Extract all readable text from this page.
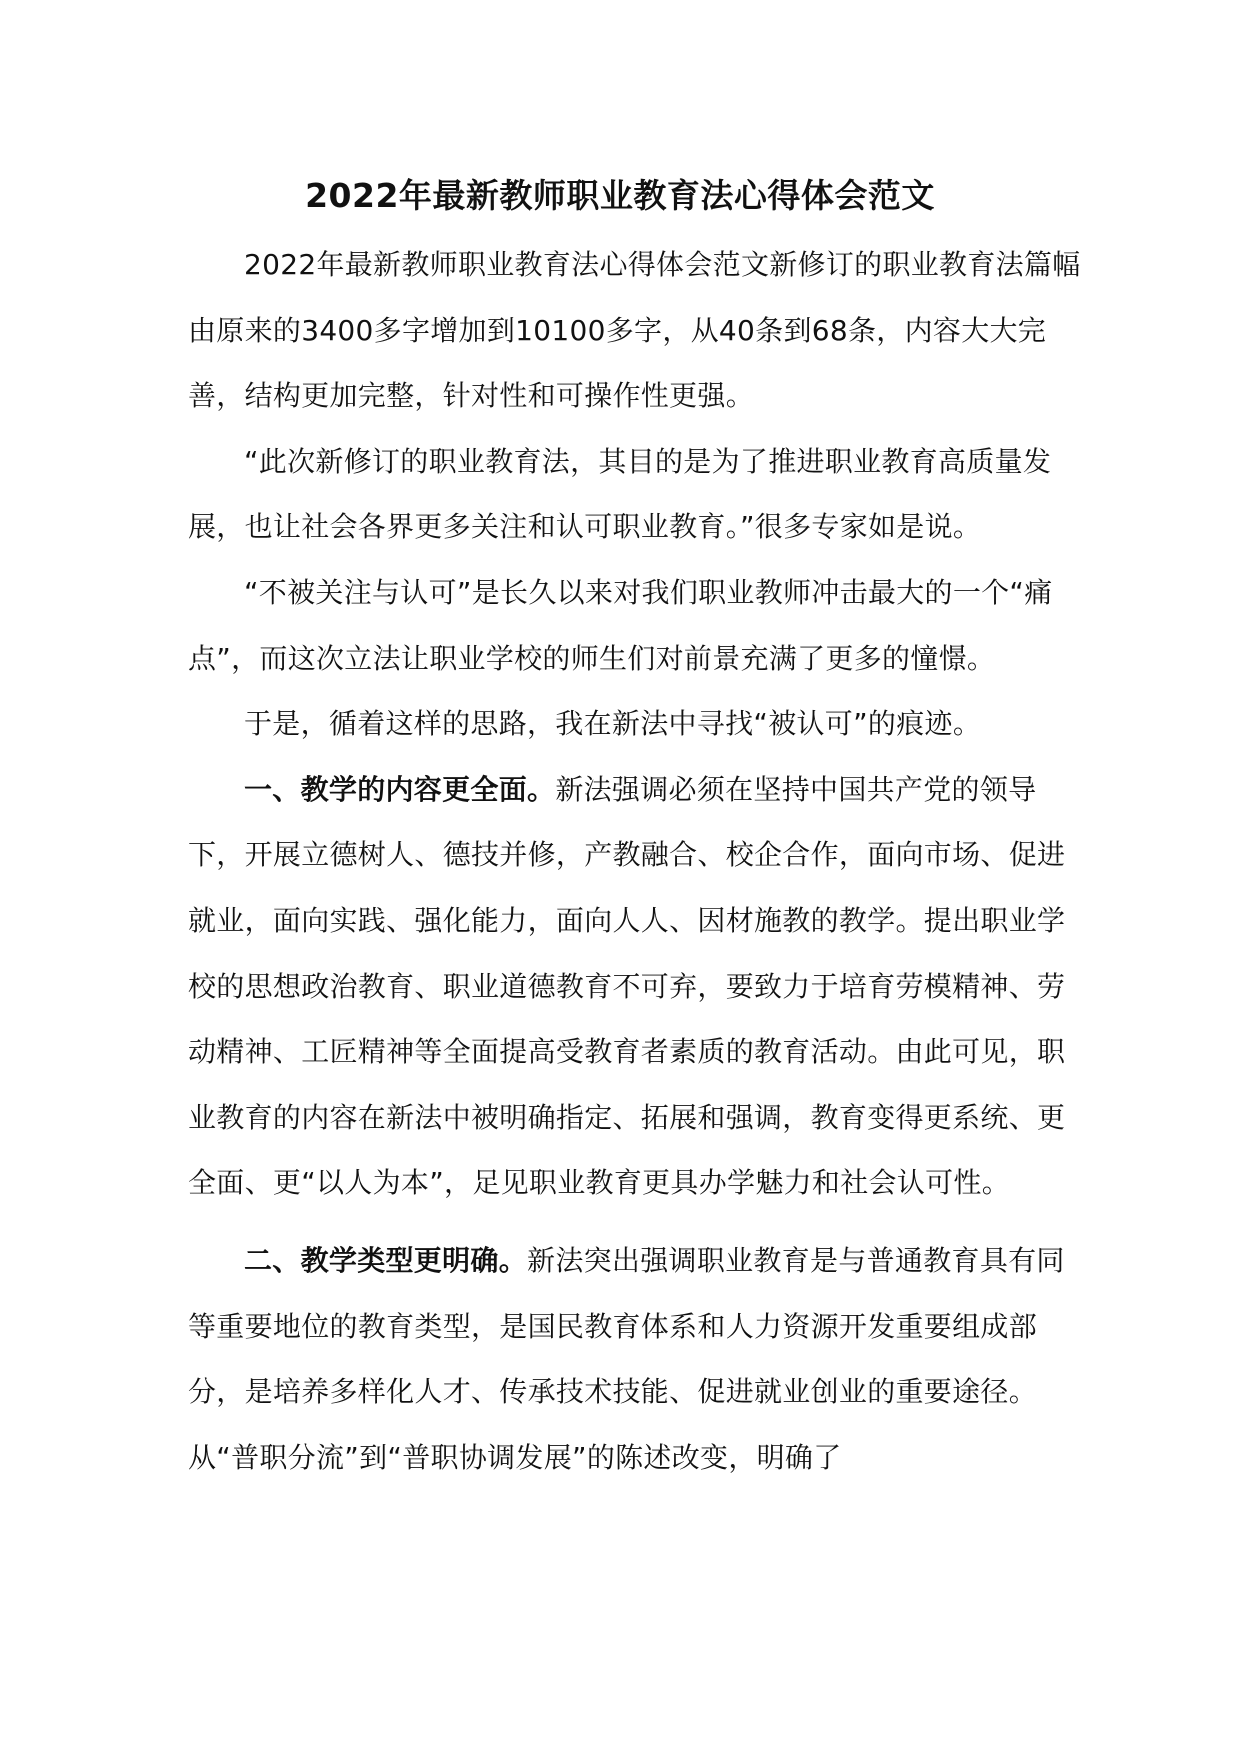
2022年最新教师职业教育法心得体会范文

2022年最新教师职业教育法心得体会范文新修订的职业教育法篇幅由原来的3400多字增加到10100多字，从40条到68条，内容大大完善，结构更加完整，针对性和可操作性更强。

“此次新修订的职业教育法，其目的是为了推进职业教育高质量发展，也让社会各界更多关注和认可职业教育。”很多专家如是说。

“不被关注与认可”是长久以来对我们职业教师冲击最大的一个“痛点”，而这次立法让职业学校的师生们对前景充满了更多的憧憬。

于是，循着这样的思路，我在新法中寻找“被认可”的痕迹。

一、教学的内容更全面。新法强调必须在坚持中国共产党的领导下，开展立德树人、德技并修，产教融合、校企合作，面向市场、促进就业，面向实践、强化能力，面向人人、因材施教的教学。提出职业学校的思想政治教育、职业道德教育不可弃，要致力于培育劳模精神、劳动精神、工匠精神等全面提高受教育者素质的教育活动。由此可见，职业教育的内容在新法中被明确指定、拓展和强调，教育变得更系统、更全面、更“以人为本”，足见职业教育更具办学魅力和社会认可性。

二、教学类型更明确。新法突出强调职业教育是与普通教育具有同等重要地位的教育类型，是国民教育体系和人力资源开发重要组成部分，是培养多样化人才、传承技术技能、促进就业创业的重要途径。从“普职分流”到“普职协调发展”的陈述改变，明确了
